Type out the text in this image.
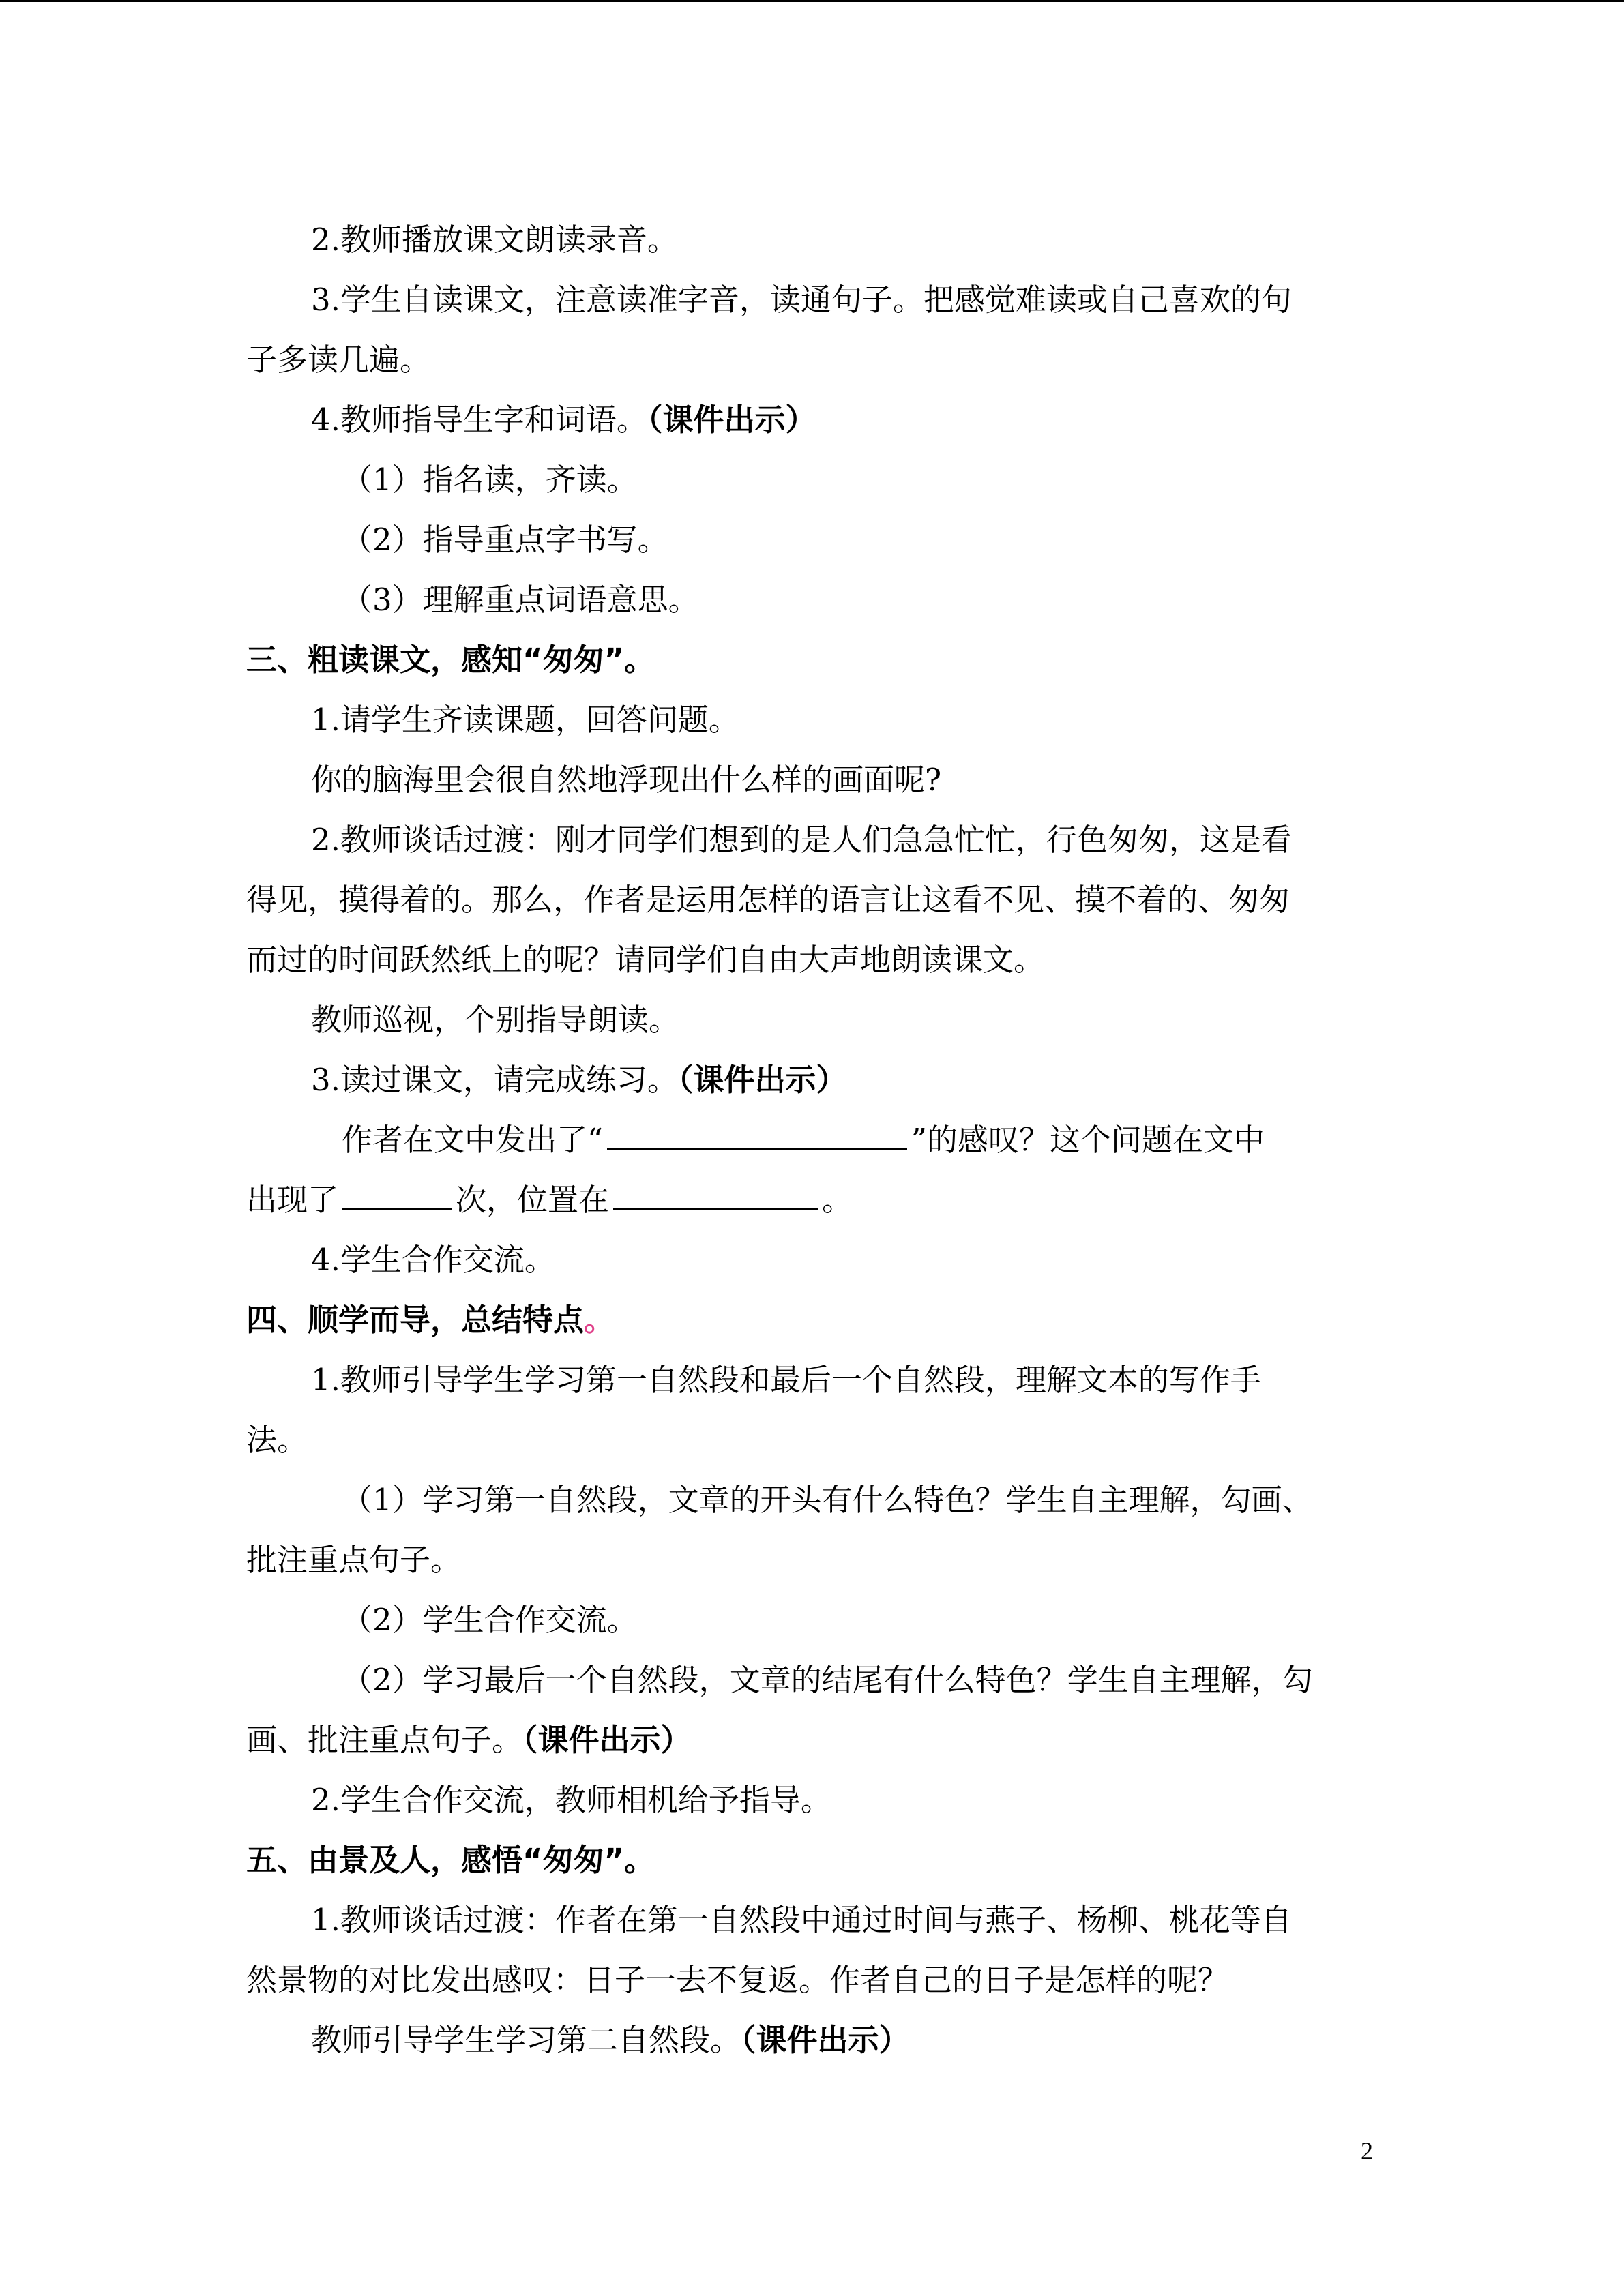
2.教师播放课文朗读录音。
3.学生自读课文，注意读准字音，读通句子。把感觉难读或自己喜欢的句
子多读几遍。
4.教师指导生字和词语。（课件出示）
（1）指名读，齐读。
（2）指导重点字书写。
（3）理解重点词语意思。
三、粗读课文，感知“匆匆”。
1.请学生齐读课题，回答问题。
你的脑海里会很自然地浮现出什么样的画面呢?
2.教师谈话过渡：刚才同学们想到的是人们急急忙忙，行色匆匆，这是看
得见，摸得着的。那么，作者是运用怎样的语言让这看不见、摸不着的、匆匆
而过的时间跃然纸上的呢？请同学们自由大声地朗读课文。
教师巡视，个别指导朗读。
3.读过课文，请完成练习。（课件出示）
作者在文中发出了“	”的感叹？这个问题在文中
出现了	次，位置在	。
4.学生合作交流。
四、顺学而导，总结特点。
1.教师引导学生学习第一自然段和最后一个自然段，理解文本的写作手
法。
（1）学习第一自然段，文章的开头有什么特色？学生自主理解，勾画、
批注重点句子。
（2）学生合作交流。
（2）学习最后一个自然段，文章的结尾有什么特色？学生自主理解，勾
画、批注重点句子。（课件出示）
2.学生合作交流，教师相机给予指导。
五、由景及人，感悟“匆匆”。
1.教师谈话过渡：作者在第一自然段中通过时间与燕子、杨柳、桃花等自
然景物的对比发出感叹：日子一去不复返。作者自己的日子是怎样的呢？
教师引导学生学习第二自然段。（课件出示）
2
